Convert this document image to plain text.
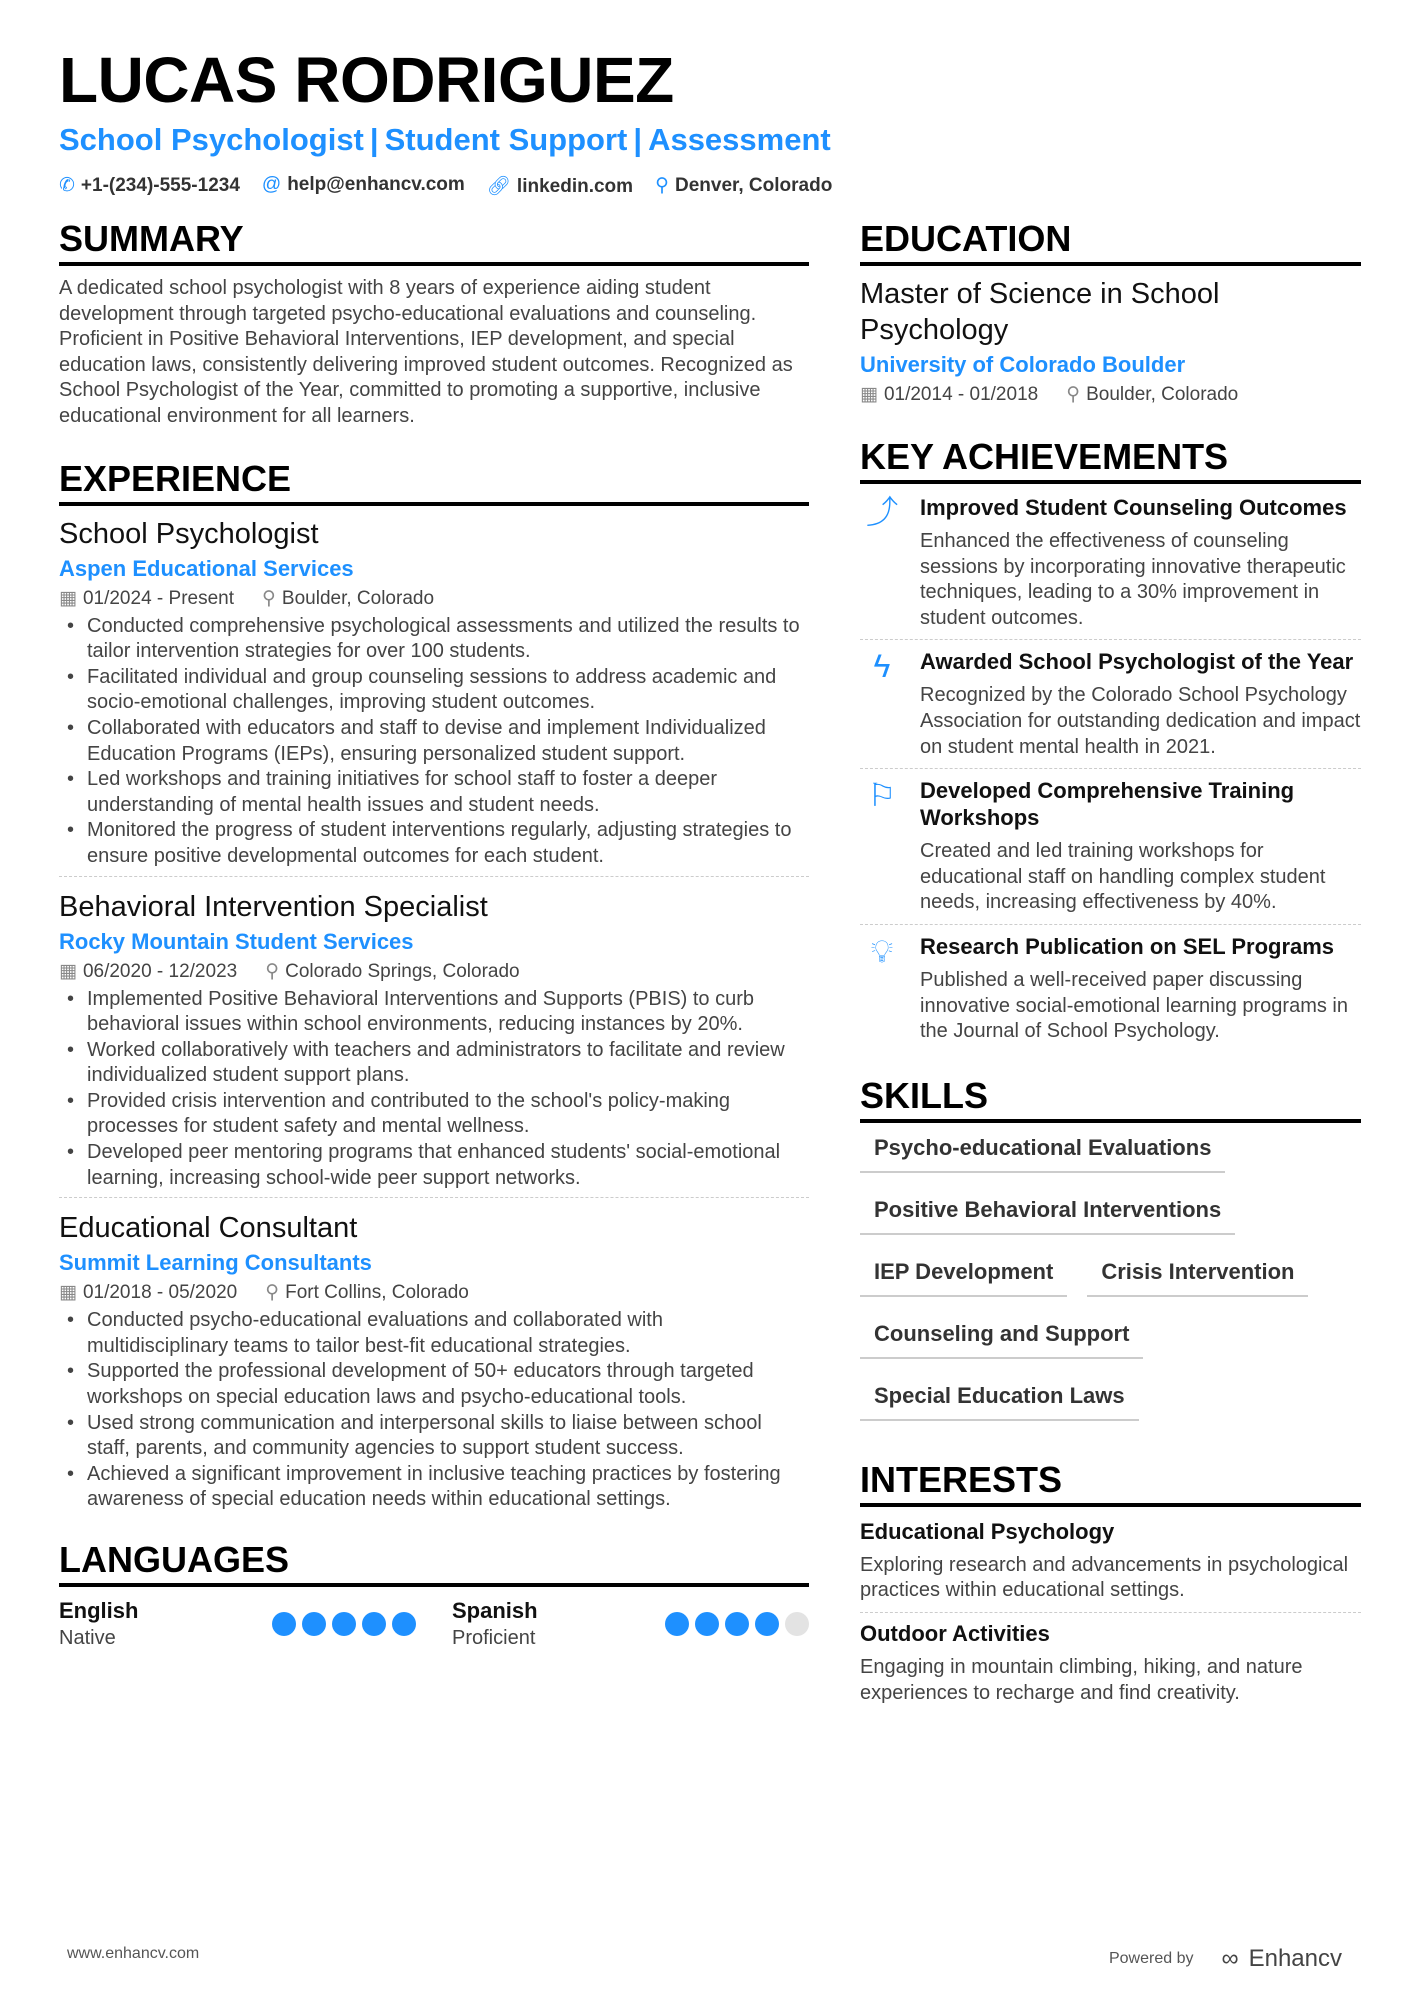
LUCAS RODRIGUEZ
School Psychologist | Student Support | Assessment
✆ +1-(234)-555-1234 @ help@enhancv.com 🔗︎ linkedin.com ⚲ Denver, Colorado
SUMMARY

A dedicated school psychologist with 8 years of experience aiding student development through targeted psycho-educational evaluations and counseling. Proficient in Positive Behavioral Interventions, IEP development, and special education laws, consistently delivering improved student outcomes. Recognized as School Psychologist of the Year, committed to promoting a supportive, inclusive educational environment for all learners.

EXPERIENCE
School Psychologist
Aspen Educational Services
▦ 01/2024 - Present ⚲ Boulder, Colorado
• Conducted comprehensive psychological assessments and utilized the results to tailor intervention strategies for over 100 students.
• Facilitated individual and group counseling sessions to address academic and socio-emotional challenges, improving student outcomes.
• Collaborated with educators and staff to devise and implement Individualized Education Programs (IEPs), ensuring personalized student support.
• Led workshops and training initiatives for school staff to foster a deeper understanding of mental health issues and student needs.
• Monitored the progress of student interventions regularly, adjusting strategies to ensure positive developmental outcomes for each student.
Behavioral Intervention Specialist
Rocky Mountain Student Services
▦ 06/2020 - 12/2023 ⚲ Colorado Springs, Colorado
• Implemented Positive Behavioral Interventions and Supports (PBIS) to curb behavioral issues within school environments, reducing instances by 20%.
• Worked collaboratively with teachers and administrators to facilitate and review individualized student support plans.
• Provided crisis intervention and contributed to the school's policy-making processes for student safety and mental wellness.
• Developed peer mentoring programs that enhanced students' social-emotional learning, increasing school-wide peer support networks.
Educational Consultant
Summit Learning Consultants
▦ 01/2018 - 05/2020 ⚲ Fort Collins, Colorado
• Conducted psycho-educational evaluations and collaborated with multidisciplinary teams to tailor best-fit educational strategies.
• Supported the professional development of 50+ educators through targeted workshops on special education laws and psycho-educational tools.
• Used strong communication and interpersonal skills to liaise between school staff, parents, and community agencies to support student success.
• Achieved a significant improvement in inclusive teaching practices by fostering awareness of special education needs within educational settings.
LANGUAGES
English
Native
Spanish
Proficient
EDUCATION
Master of Science in School Psychology
University of Colorado Boulder
▦ 01/2014 - 01/2018 ⚲ Boulder, Colorado
KEY ACHIEVEMENTS
⤴ Improved Student Counseling Outcomes
Enhanced the effectiveness of counseling sessions by incorporating innovative therapeutic techniques, leading to a 30% improvement in student outcomes.
ϟ	Awarded School Psychologist of the Year
Recognized by the Colorado School Psychology Association for outstanding dedication and impact on student mental health in 2021.
⚐	Developed Comprehensive Training Workshops
Created and led training workshops for educational staff on handling complex student needs, increasing effectiveness by 40%.
💡︎	Research Publication on SEL Programs
Published a well-received paper discussing innovative social-emotional learning programs in the Journal of School Psychology.
SKILLS
Psycho-educational Evaluations
Positive Behavioral Interventions
IEP Development	Crisis Intervention
Counseling and Support
Special Education Laws
INTERESTS
Educational Psychology
Exploring research and advancements in psychological practices within educational settings.
Outdoor Activities
Engaging in mountain climbing, hiking, and nature experiences to recharge and find creativity.
www.enhancv.com	Powered by ∞ Enhancv
